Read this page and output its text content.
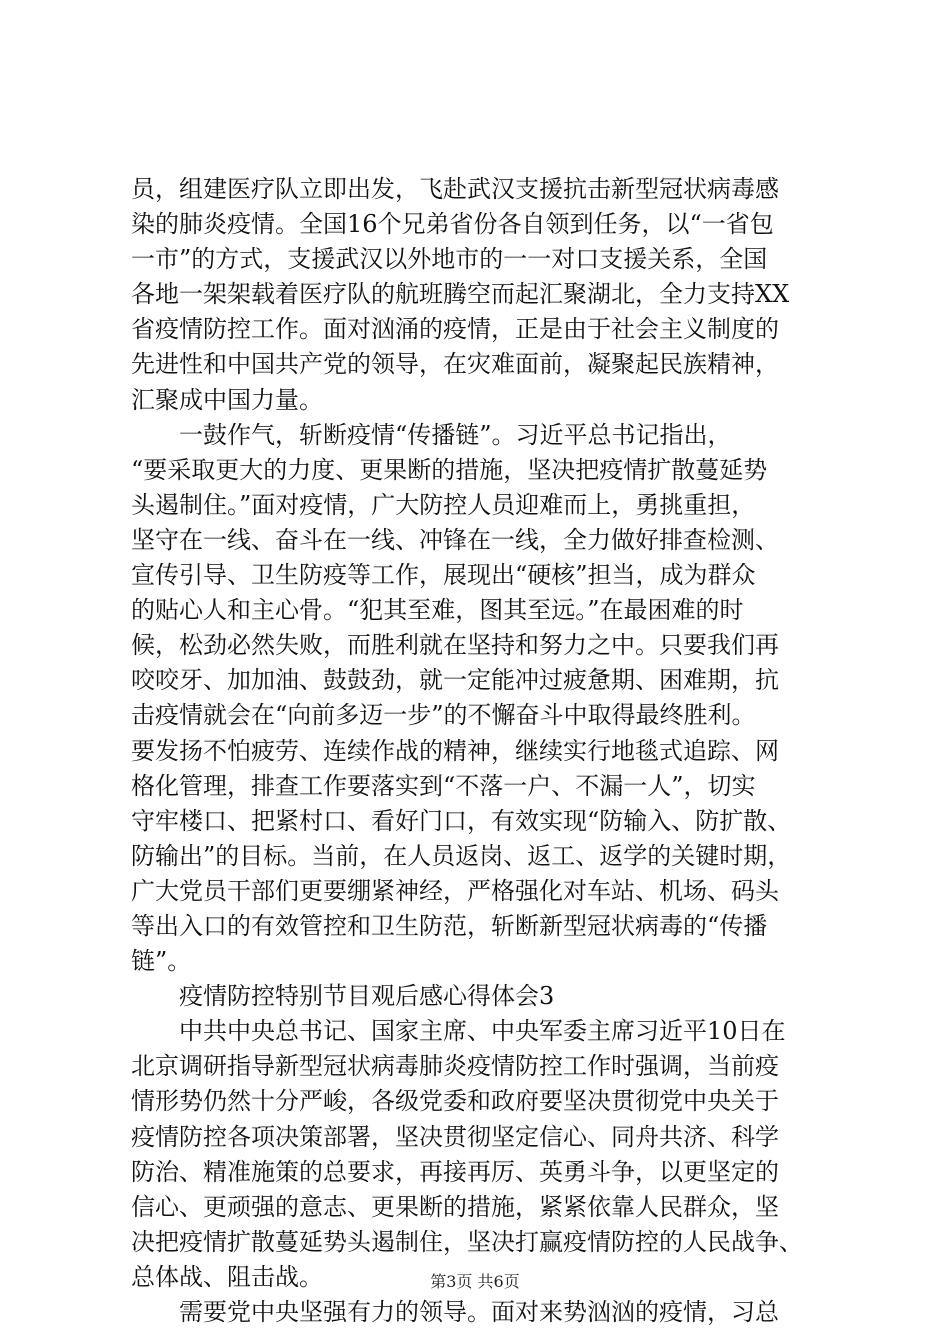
员，组建医疗队立即出发，飞赴武汉支援抗击新型冠状病毒感
染的肺炎疫情。全国16个兄弟省份各自领到任务，以“一省包
一市”的方式，支援武汉以外地市的一一对口支援关系，全国
各地一架架载着医疗队的航班腾空而起汇聚湖北，全力支持XX
省疫情防控工作。面对汹涌的疫情，正是由于社会主义制度的
先进性和中国共产党的领导，在灾难面前，凝聚起民族精神，
汇聚成中国力量。
　　一鼓作气，斩断疫情“传播链”。习近平总书记指出，
“要采取更大的力度、更果断的措施，坚决把疫情扩散蔓延势
头遏制住。”面对疫情，广大防控人员迎难而上，勇挑重担，
坚守在一线、奋斗在一线、冲锋在一线，全力做好排查检测、
宣传引导、卫生防疫等工作，展现出“硬核”担当，成为群众
的贴心人和主心骨。“犯其至难，图其至远。”在最困难的时
候，松劲必然失败，而胜利就在坚持和努力之中。只要我们再
咬咬牙、加加油、鼓鼓劲，就一定能冲过疲惫期、困难期，抗
击疫情就会在“向前多迈一步”的不懈奋斗中取得最终胜利。
要发扬不怕疲劳、连续作战的精神，继续实行地毯式追踪、网
格化管理，排查工作要落实到“不落一户、不漏一人”，切实
守牢楼口、把紧村口、看好门口，有效实现“防输入、防扩散、
防输出”的目标。当前，在人员返岗、返工、返学的关键时期，
广大党员干部们更要绷紧神经，严格强化对车站、机场、码头
等出入口的有效管控和卫生防范，斩断新型冠状病毒的“传播
链”。
　　疫情防控特别节目观后感心得体会3
　　中共中央总书记、国家主席、中央军委主席习近平10日在
北京调研指导新型冠状病毒肺炎疫情防控工作时强调，当前疫
情形势仍然十分严峻，各级党委和政府要坚决贯彻党中央关于
疫情防控各项决策部署，坚决贯彻坚定信心、同舟共济、科学
防治、精准施策的总要求，再接再厉、英勇斗争，以更坚定的
信心、更顽强的意志、更果断的措施，紧紧依靠人民群众，坚
决把疫情扩散蔓延势头遏制住，坚决打赢疫情防控的人民战争、
总体战、阻击战。
　　需要党中央坚强有力的领导。面对来势汹汹的疫情，习总
第3页 共6页
